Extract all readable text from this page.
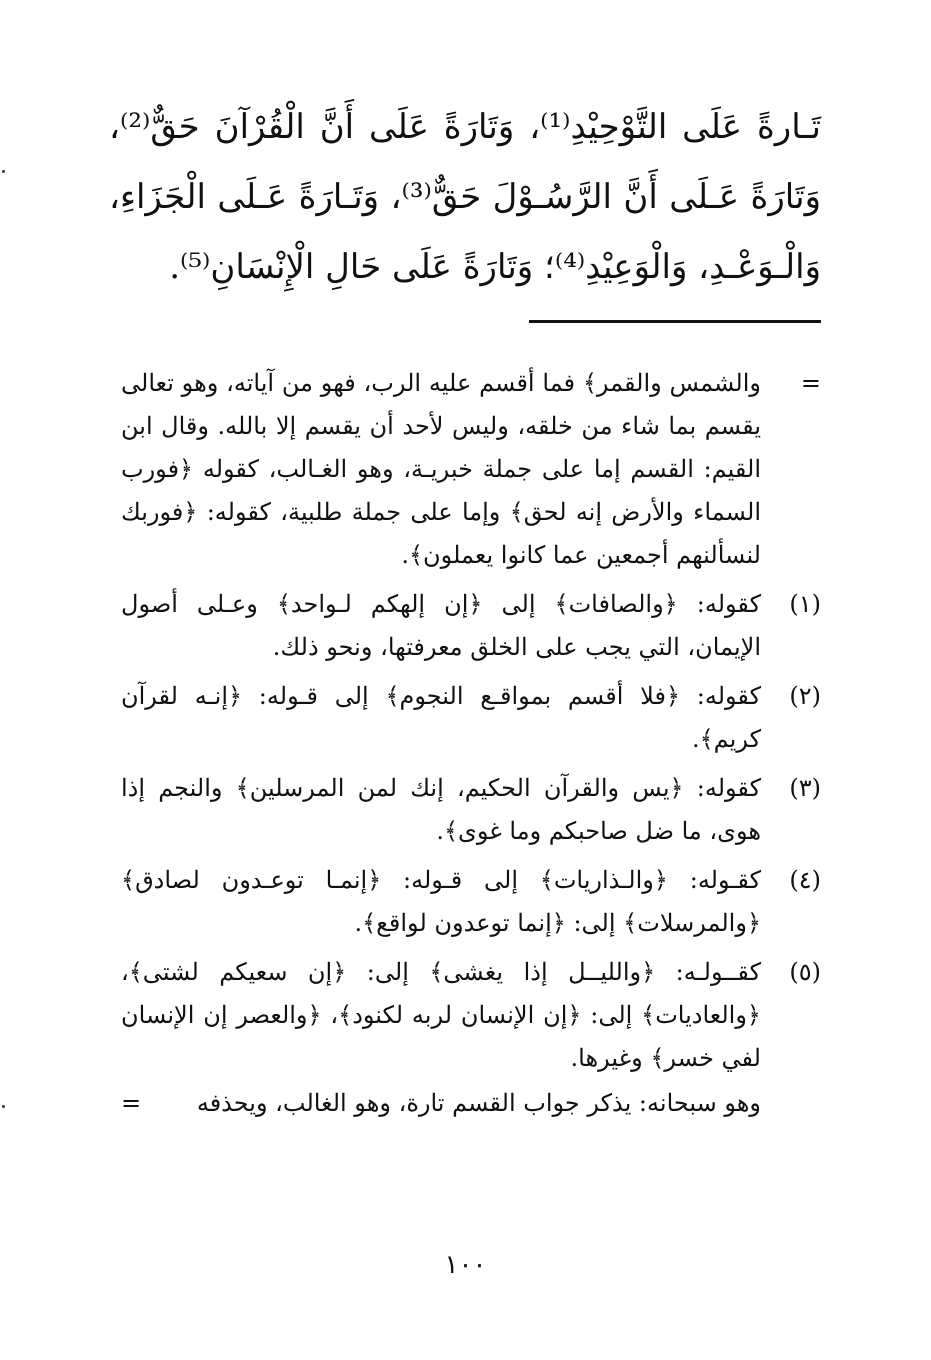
تَـارةً عَلَى التَّوْحِيْدِ⁽¹⁾، وَتَارَةً عَلَى أَنَّ الْقُرْآنَ حَقٌّ⁽²⁾، وَتَارَةً عَـلَى أَنَّ الرَّسُـوْلَ حَقٌّ⁽³⁾، وَتَـارَةً عَـلَى الْجَزَاءِ، وَالْـوَعْـدِ، وَالْوَعِيْدِ⁽⁴⁾؛ وَتَارَةً عَلَى حَالِ الْإِنْسَانِ⁽⁵⁾.
=
والشمس والقمر﴾ فما أقسم عليه الرب، فهو من آياته، وهو تعالى يقسم بما شاء من خلقه، وليس لأحد أن يقسم إلا بالله. وقال ابن القيم: القسم إما على جملة خبريـة، وهو الغـالب، كقوله ﴿فورب السماء والأرض إنه لحق﴾ وإما على جملة طلبية، كقوله: ﴿فوربك لنسألنهم أجمعين عما كانوا يعملون﴾.
(١)
كقوله: ﴿والصافات﴾ إلى ﴿إن إلهكم لـواحد﴾ وعـلى أصول الإيمان، التي يجب على الخلق معرفتها، ونحو ذلك.
(٢)
كقوله: ﴿فلا أقسم بمواقـع النجوم﴾ إلى قـوله: ﴿إنـه لقرآن كريم﴾.
(٣)
كقوله: ﴿يس والقرآن الحكيم، إنك لمن المرسلين﴾ والنجم إذا هوى، ما ضل صاحبكم وما غوى﴾.
(٤)
كقـوله: ﴿والـذاريات﴾ إلى قـوله: ﴿إنمـا توعـدون لصادق﴾ ﴿والمرسلات﴾ إلى: ﴿إنما توعدون لواقع﴾.
(٥)
كقــولـه: ﴿والليــل إذا يغشى﴾ إلى: ﴿إن سعيكم لشتى﴾، ﴿والعاديات﴾ إلى: ﴿إن الإنسان لربه لكنود﴾، ﴿والعصر إن الإنسان لفي خسر﴾ وغيرها.
وهو سبحانه: يذكر جواب القسم تارة، وهو الغالب، ويحذفه
=
١٠٠
